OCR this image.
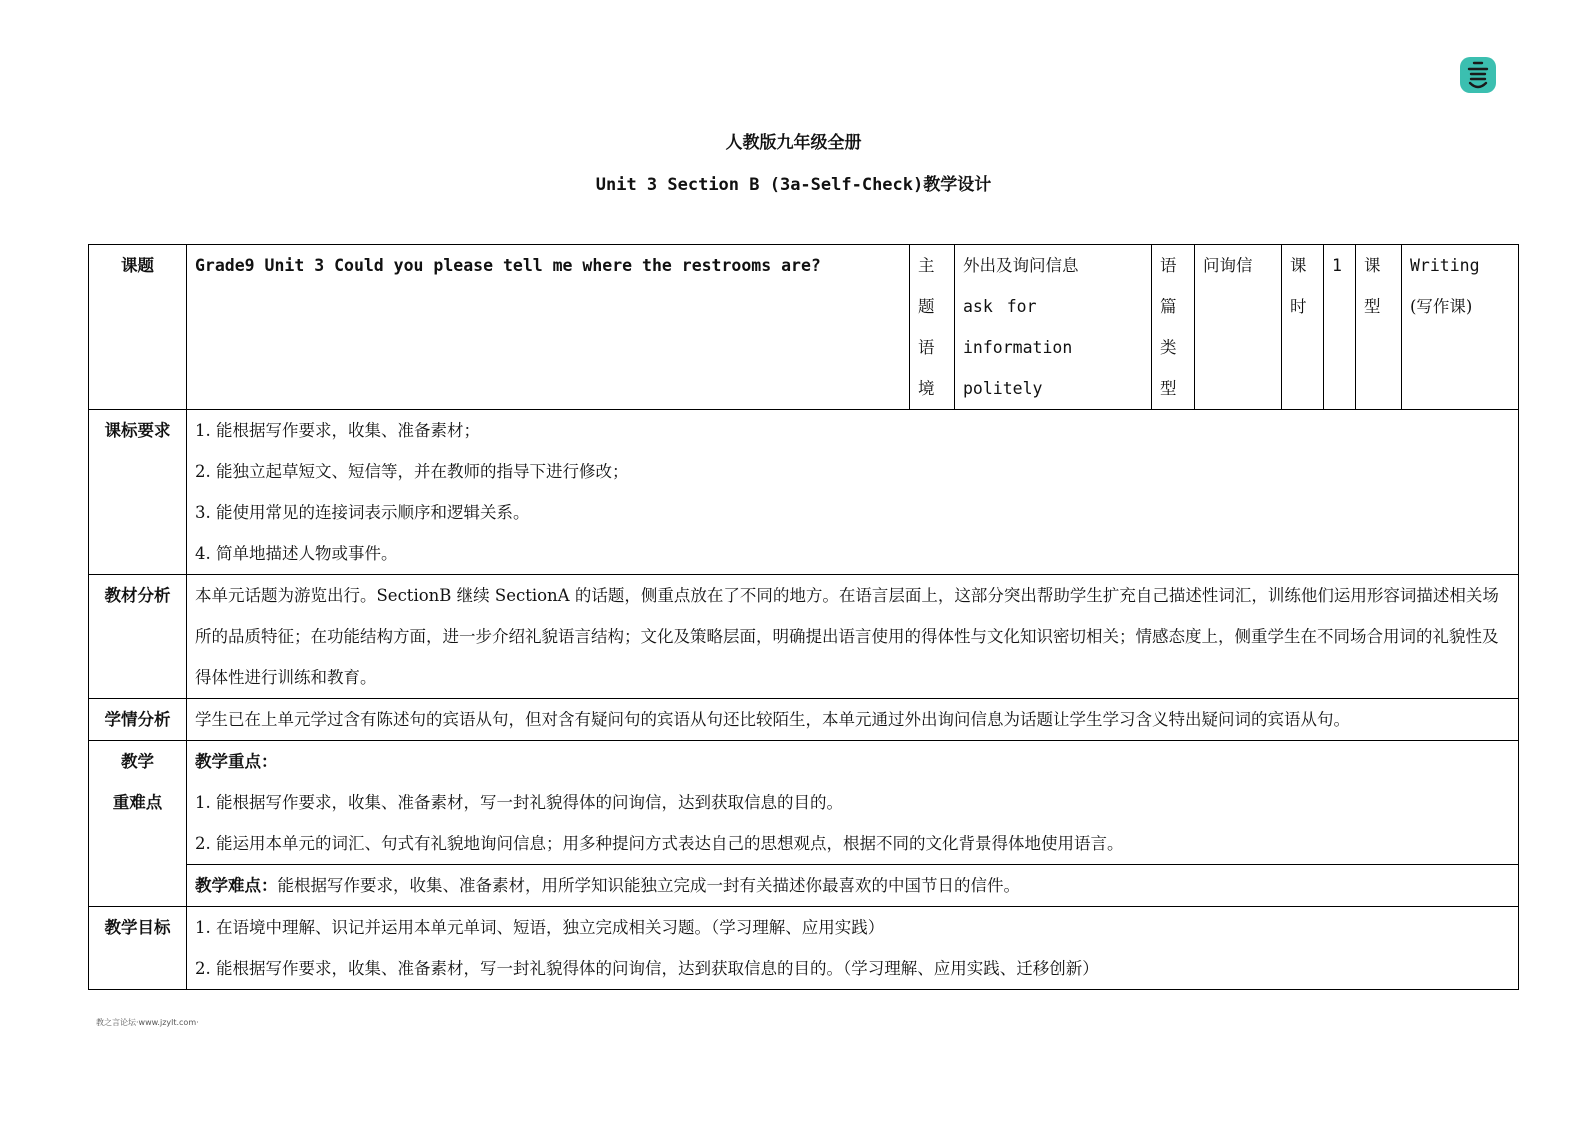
人教版九年级全册
Unit 3 Section B (3a-Self-Check)教学设计
课题	Grade9 Unit 3 Could you please tell me where the restrooms are?	主题语境	外出及询问信息
ask for information
politely	语篇类型	问询信	课时	1	课型	Writing
(写作课)

课标要求	1. 能根据写作要求，收集、准备素材；
2. 能独立起草短文、短信等，并在教师的指导下进行修改；
3. 能使用常见的连接词表示顺序和逻辑关系。
4. 简单地描述人物或事件。								

教材分析	本单元话题为游览出行。SectionB 继续 SectionA 的话题，侧重点放在了不同的地方。在语言层面上，这部分突出帮助学生扩充自己描述性词汇，训练他们运用形容词描述相关场所的品质特征；在功能结构方面，进一步介绍礼貌语言结构；文化及策略层面，明确提出语言使用的得体性与文化知识密切相关；情感态度上，侧重学生在不同场合用词的礼貌性及得体性进行训练和教育。								
学情分析	学生已在上单元学过含有陈述句的宾语从句，但对含有疑问句的宾语从句还比较陌生，本单元通过外出询问信息为话题让学生学习含义特出疑问词的宾语从句。								

教学
重难点	教学重点：
1. 能根据写作要求，收集、准备素材，写一封礼貌得体的问询信，达到获取信息的目的。
2. 能运用本单元的词汇、句式有礼貌地询问信息；用多种提问方式表达自己的思想观点，根据不同的文化背景得体地使用语言。								

	教学难点：能根据写作要求，收集、准备素材，用所学知识能独立完成一封有关描述你最喜欢的中国节日的信件。								
教学目标	1. 在语境中理解、识记并运用本单元单词、短语，独立完成相关习题。（学习理解、应用实践）
2. 能根据写作要求，收集、准备素材，写一封礼貌得体的问询信，达到获取信息的目的。（学习理解、应用实践、迁移创新）								
教之言论坛·www.jzylt.com·
